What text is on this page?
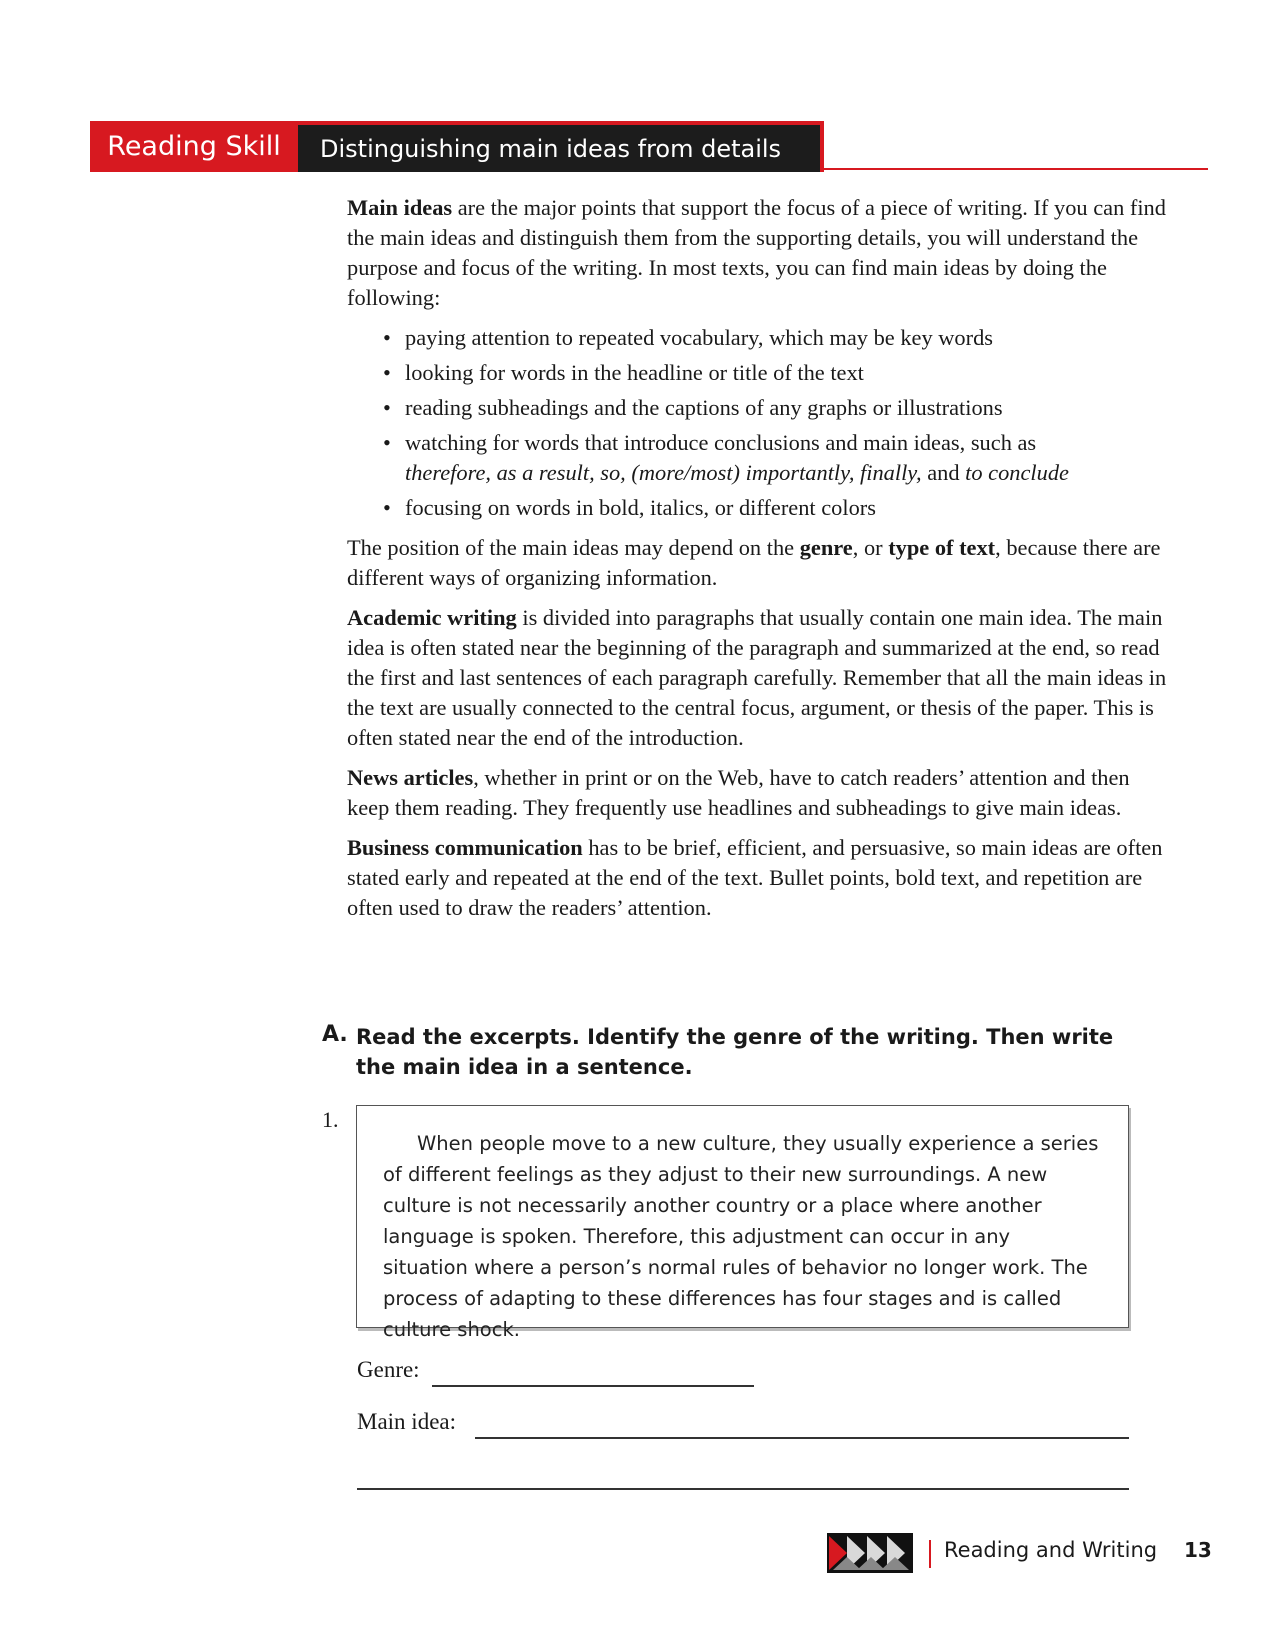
Reading Skill	Distinguishing main ideas from details

Main ideas are the major points that support the focus of a piece of writing. If you can find the main ideas and distinguish them from the supporting details, you will understand the purpose and focus of the writing. In most texts, you can find main ideas by doing the following:

• paying attention to repeated vocabulary, which may be key words
• looking for words in the headline or title of the text
• reading subheadings and the captions of any graphs or illustrations
• watching for words that introduce conclusions and main ideas, such as
therefore, as a result, so, (more/most) importantly, finally, and to conclude
• focusing on words in bold, italics, or different colors

The position of the main ideas may depend on the genre, or type of text, because there are different ways of organizing information.

Academic writing is divided into paragraphs that usually contain one main idea. The main idea is often stated near the beginning of the paragraph and summarized at the end, so read the first and last sentences of each paragraph carefully. Remember that all the main ideas in the text are usually connected to the central focus, argument, or thesis of the paper. This is often stated near the end of the introduction.

News articles, whether in print or on the Web, have to catch readers’ attention and then keep them reading. They frequently use headlines and subheadings to give main ideas.

Business communication has to be brief, efficient, and persuasive, so main ideas are often stated early and repeated at the end of the text. Bullet points, bold text, and repetition are often used to draw the readers’ attention.

A. Read the excerpts. Identify the genre of the writing. Then write the main idea in a sentence.
1.
When people move to a new culture, they usually experience a series of different feelings as they adjust to their new surroundings. A new culture is not necessarily another country or a place where another language is spoken. Therefore, this adjustment can occur in any situation where a person’s normal rules of behavior no longer work. The process of adapting to these differences has four stages and is called culture shock.
Genre:
Main idea:
Reading and Writing 13
